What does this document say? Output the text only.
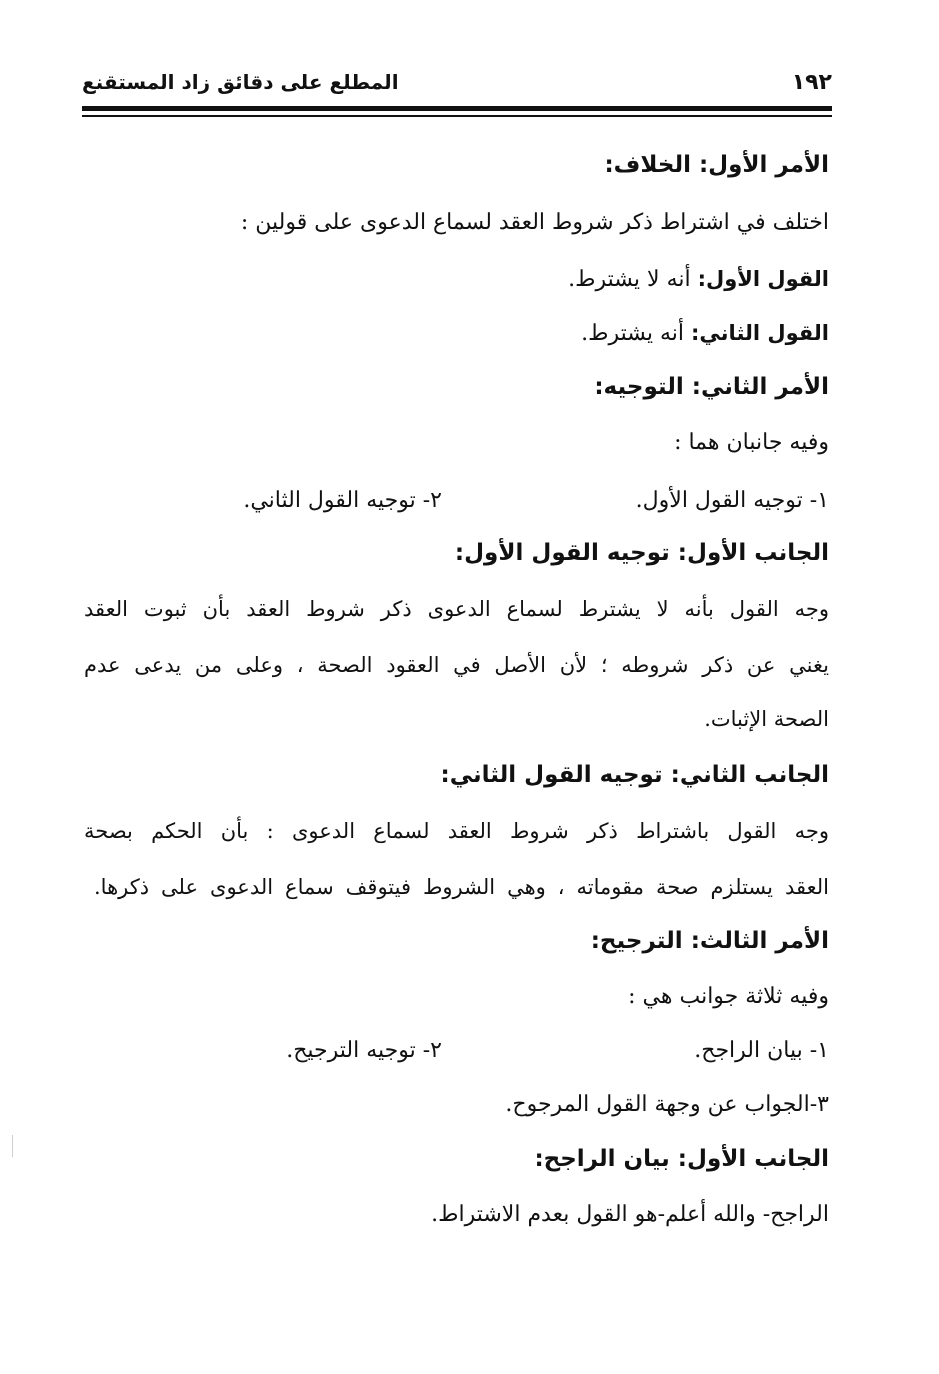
١٩٢
المطلع على دقائق زاد المستقنع
الأمر الأول: الخلاف:
اختلف في اشتراط ذكر شروط العقد لسماع الدعوى على قولين :
القول الأول: أنه لا يشترط.
القول الثاني: أنه يشترط.
الأمر الثاني: التوجيه:
وفيه جانبان هما :
١- توجيه القول الأول.
٢- توجيه القول الثاني.
الجانب الأول: توجيه القول الأول:
وجه القول بأنه لا يشترط لسماع الدعوى ذكر شروط العقد بأن ثبوت العقد
يغني عن ذكر شروطه ؛ لأن الأصل في العقود الصحة ، وعلى من يدعى عدم
الصحة الإثبات.
الجانب الثاني: توجيه القول الثاني:
وجه القول باشتراط ذكر شروط العقد لسماع الدعوى : بأن الحكم بصحة
العقد يستلزم صحة مقوماته ، وهي الشروط فيتوقف سماع الدعوى على ذكرها.
الأمر الثالث: الترجيح:
وفيه ثلاثة جوانب هي :
١- بيان الراجح.
٢- توجيه الترجيح.
٣-الجواب عن وجهة القول المرجوح.
الجانب الأول: بيان الراجح:
الراجح- والله أعلم-هو القول بعدم الاشتراط.
